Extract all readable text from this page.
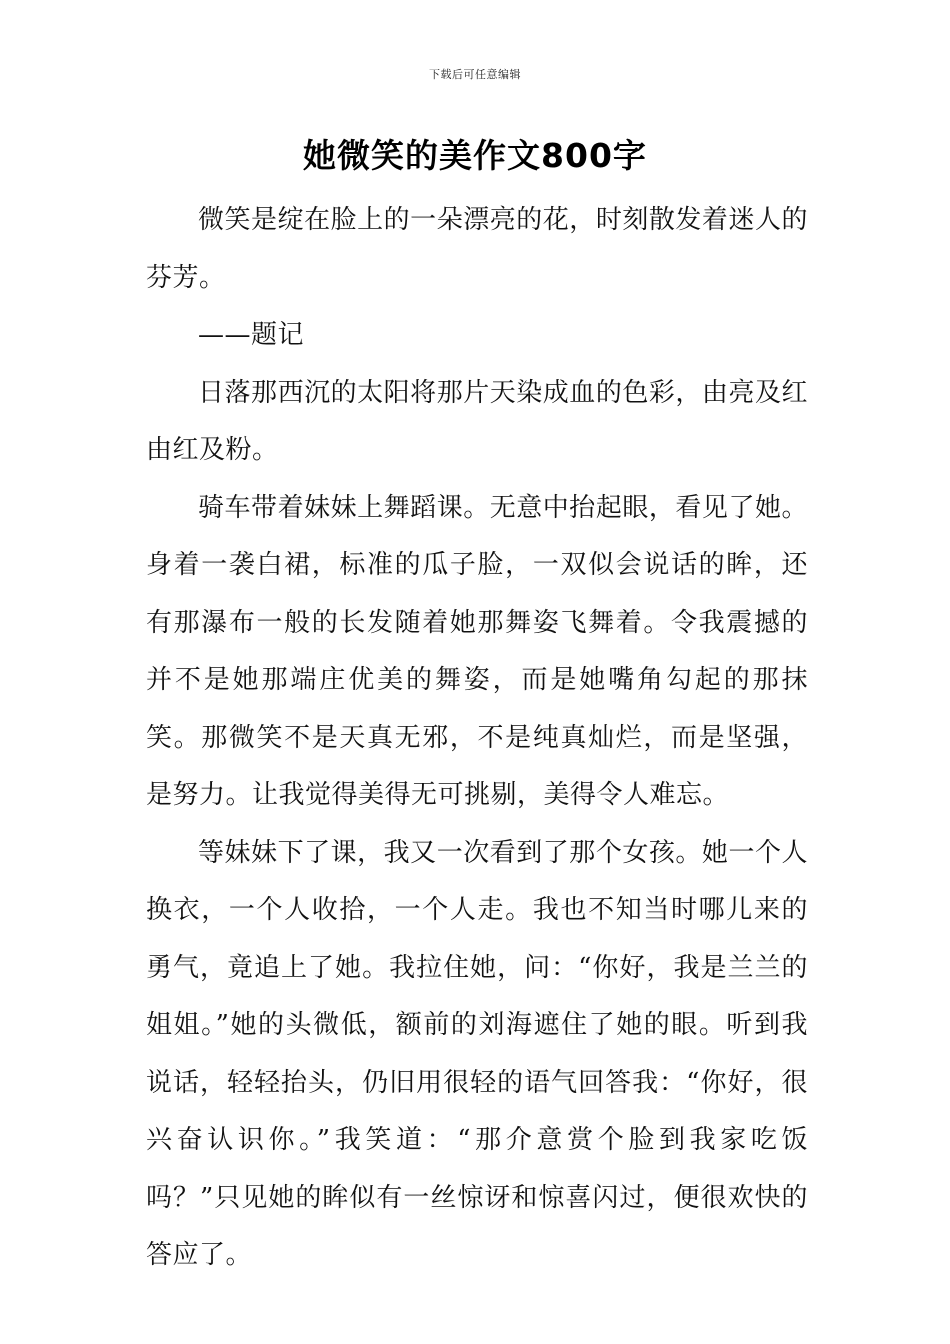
下载后可任意编辑
她微笑的美作文800字

微笑是绽在脸上的一朵漂亮的花，时刻散发着迷人的芬芳。

——题记

日落那西沉的太阳将那片天染成血的色彩，由亮及红由红及粉。

骑车带着妹妹上舞蹈课。无意中抬起眼，看见了她。身着一袭白裙，标准的瓜子脸，一双似会说话的眸，还有那瀑布一般的长发随着她那舞姿飞舞着。令我震撼的并不是她那端庄优美的舞姿，而是她嘴角勾起的那抹笑。那微笑不是天真无邪，不是纯真灿烂，而是坚强，是努力。让我觉得美得无可挑剔，美得令人难忘。

等妹妹下了课，我又一次看到了那个女孩。她一个人换衣，一个人收拾，一个人走。我也不知当时哪儿来的勇气，竟追上了她。我拉住她，问：“你好，我是兰兰的姐姐。”她的头微低，额前的刘海遮住了她的眼。听到我说话，轻轻抬头，仍旧用很轻的语气回答我：“你好，很兴奋认识你。”我笑道：“那介意赏个脸到我家吃饭吗？”只见她的眸似有一丝惊讶和惊喜闪过，便很欢快的答应了。
